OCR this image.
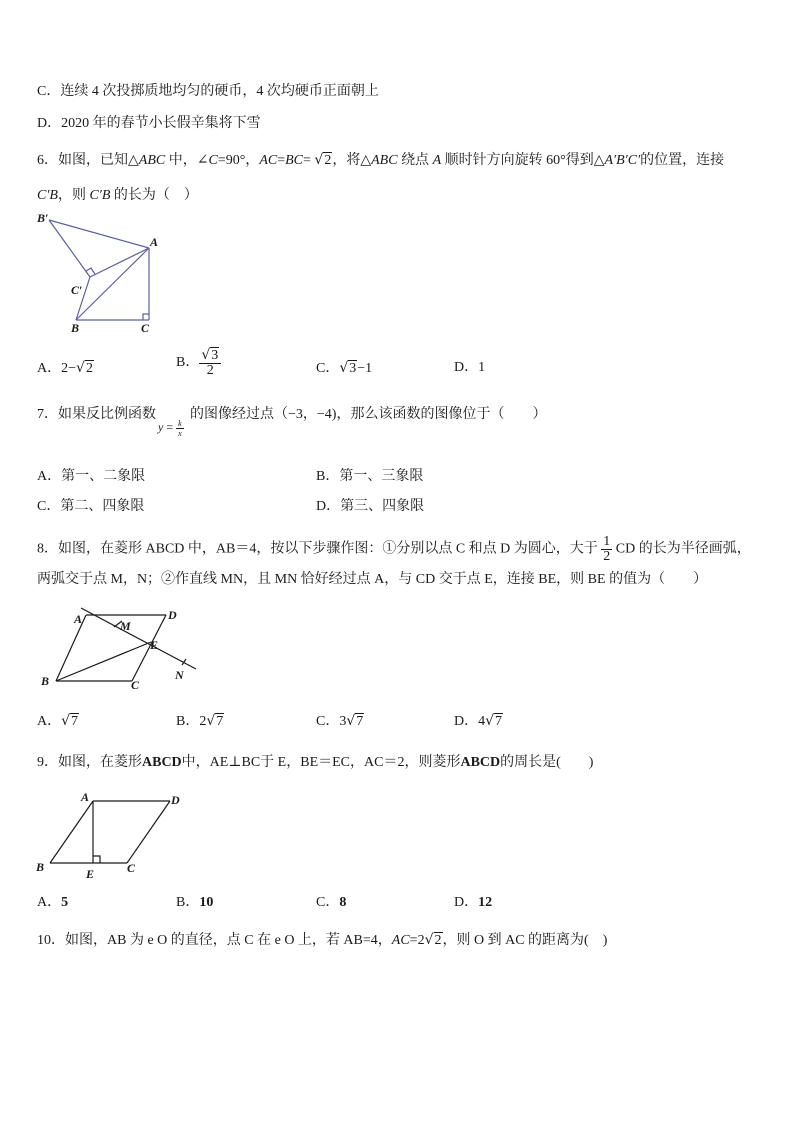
C．连续 4 次投掷质地均匀的硬币，4 次均硬币正面朝上
D．2020 年的春节小长假辛集将下雪
6．如图，已知△ABC 中，∠C=90°，AC=BC= √2，将△ABC 绕点 A 顺时针方向旋转 60°得到△A′B′C′的位置，连接
C′B，则 C′B 的长为（　）
B′
A
C′
B	C
A．2−√2	B． $\frac{√3}{2}$	C．√3−1	D．1
7．如果反比例函数 的图像经过点（−3，−4)，那么该函数的图像位于（　　）
$y = \frac{k}{x}$
A．第一、二象限	B．第一、三象限
C．第二、四象限	D．第三、四象限
8．如图，在菱形 ABCD 中，AB＝4，按以下步骤作图：①分别以点 C 和点 D 为圆心，大于 $\frac{1}{2}$ CD 的长为半径画弧，
两弧交于点 M，N；②作直线 MN，且 MN 恰好经过点 A，与 CD 交于点 E，连接 BE，则 BE 的值为（　　）
A	M
D
E
B	C
N
A．√7	B．2√7	C．3√7	D．4√7
9．如图，在菱形ABCD中，AE⊥BC于 E，BE＝EC，AC＝2，则菱形ABCD的周长是(　　)
A	D
B	E	C
A．5	B．10	C．8	D．12
10．如图，AB 为 e O 的直径，点 C 在 e O 上，若 AB=4，AC=2√2，则 O 到 AC 的距离为(　)
